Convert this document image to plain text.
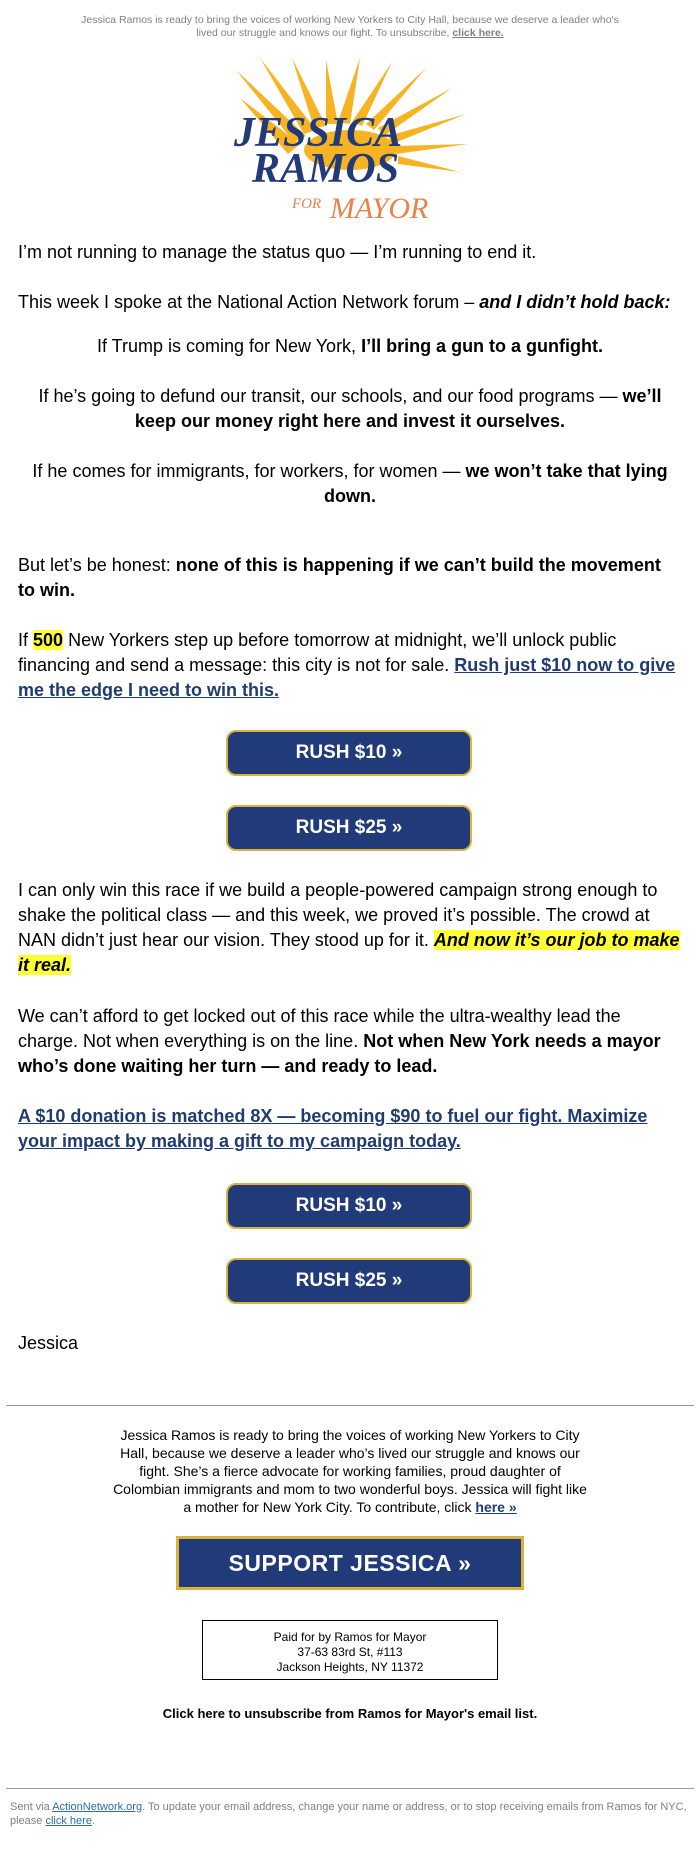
Jessica Ramos is ready to bring the voices of working New Yorkers to City Hall, because we deserve a leader who's lived our struggle and knows our fight. To unsubscribe, click here.
JESSICA
RAMOS
FOR MAYOR

I’m not running to manage the status quo — I’m running to end it.

This week I spoke at the National Action Network forum – and I didn’t hold back:

If Trump is coming for New York, I’ll bring a gun to a gunfight.

If he’s going to defund our transit, our schools, and our food programs — we’ll keep our money right here and invest it ourselves.

If he comes for immigrants, for workers, for women — we won’t take that lying down.

But let’s be honest: none of this is happening if we can’t build the movement to win.

If 500 New Yorkers step up before tomorrow at midnight, we’ll unlock public financing and send a message: this city is not for sale. Rush just $10 now to give me the edge I need to win this.

RUSH $10 »
RUSH $25 »

I can only win this race if we build a people-powered campaign strong enough to shake the political class — and this week, we proved it’s possible. The crowd at NAN didn’t just hear our vision. They stood up for it. And now it’s our job to make it real.

We can’t afford to get locked out of this race while the ultra-wealthy lead the charge. Not when everything is on the line. Not when New York needs a mayor who’s done waiting her turn — and ready to lead.

A $10 donation is matched 8X — becoming $90 to fuel our fight. Maximize your impact by making a gift to my campaign today.

RUSH $10 »
RUSH $25 »

Jessica

Jessica Ramos is ready to bring the voices of working New Yorkers to City Hall, because we deserve a leader who’s lived our struggle and knows our fight. She’s a fierce advocate for working families, proud daughter of Colombian immigrants and mom to two wonderful boys. Jessica will fight like a mother for New York City. To contribute, click here »
SUPPORT JESSICA »
Paid for by Ramos for Mayor
37-63 83rd St, #113
Jackson Heights, NY 11372
Click here to unsubscribe from Ramos for Mayor's email list.
Sent via ActionNetwork.org. To update your email address, change your name or address, or to stop receiving emails from Ramos for NYC, please click here.
